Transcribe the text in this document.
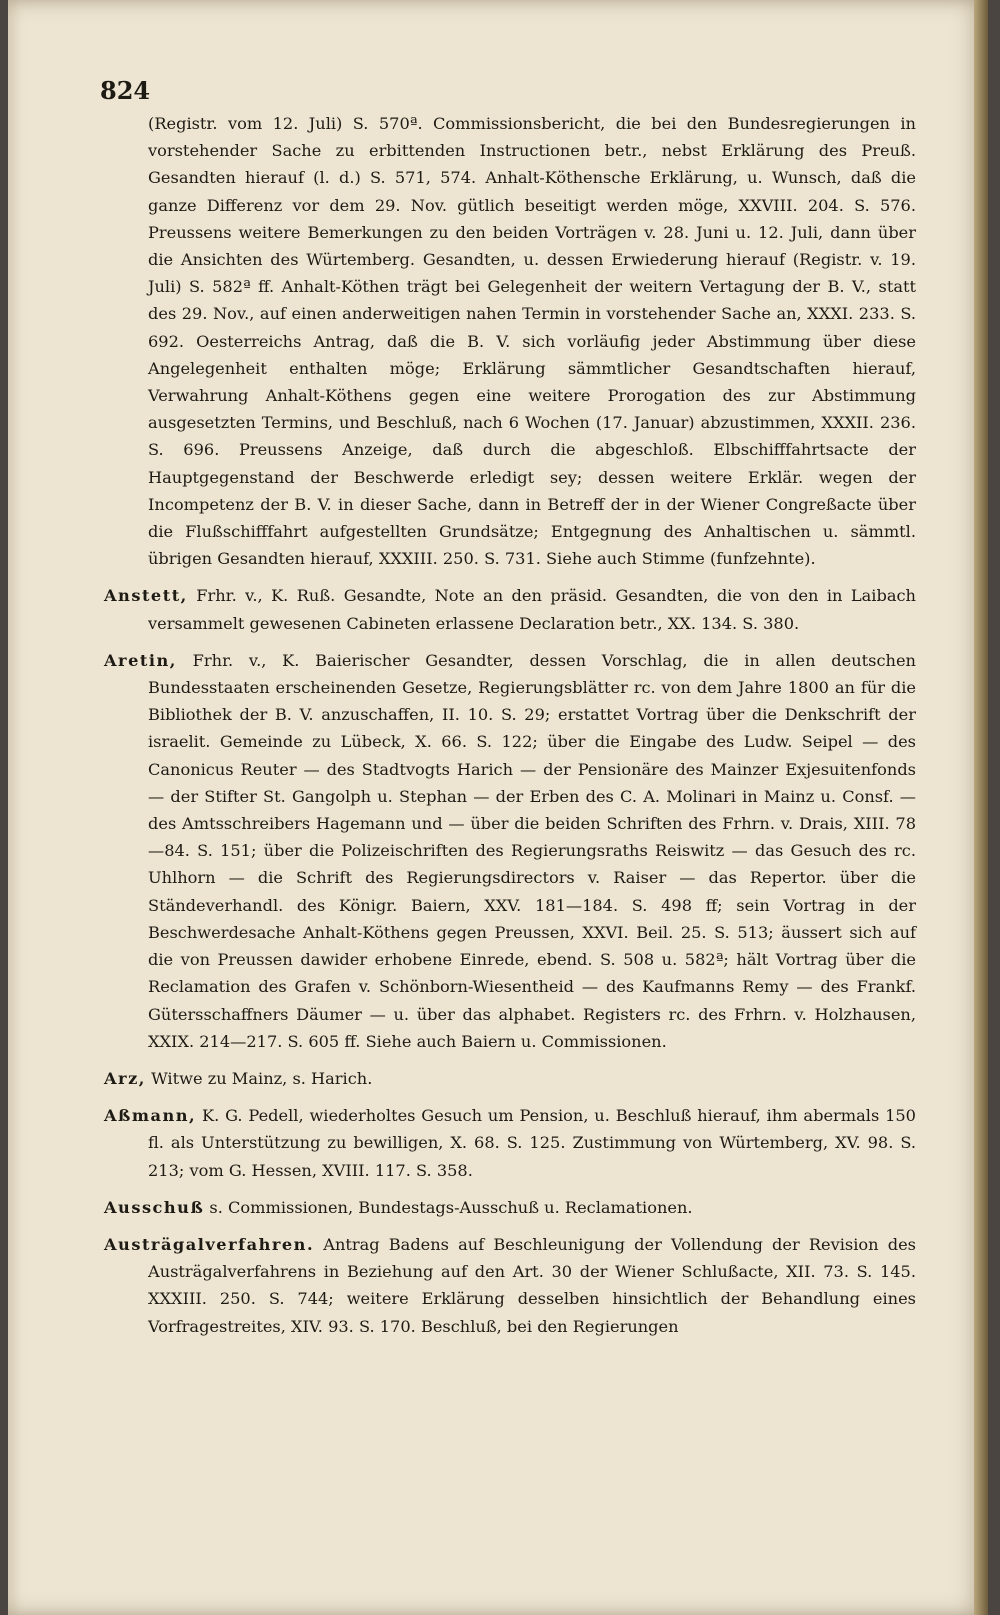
824

(Registr. vom 12. Juli) S. 570ª. Commissionsbericht, die bei den Bundesregierungen in vorstehender Sache zu erbittenden Instructionen betr., nebst Erklärung des Preuß. Gesandten hierauf (l. d.) S. 571, 574. Anhalt-Köthensche Erklärung, u. Wunsch, daß die ganze Differenz vor dem 29. Nov. gütlich beseitigt werden möge, XXVIII. 204. S. 576. Preussens weitere Bemerkungen zu den beiden Vorträgen v. 28. Juni u. 12. Juli, dann über die Ansichten des Würtemberg. Gesandten, u. dessen Erwiederung hierauf (Registr. v. 19. Juli) S. 582ª ff. Anhalt-Köthen trägt bei Gelegenheit der weitern Vertagung der B. V., statt des 29. Nov., auf einen anderweitigen nahen Termin in vorstehender Sache an, XXXI. 233. S. 692. Oesterreichs Antrag, daß die B. V. sich vorläufig jeder Abstimmung über diese Angelegenheit enthalten möge; Erklärung sämmtlicher Gesandtschaften hierauf, Verwahrung Anhalt-Köthens gegen eine weitere Prorogation des zur Abstimmung ausgesetzten Termins, und Beschluß, nach 6 Wochen (17. Januar) abzustimmen, XXXII. 236. S. 696. Preussens Anzeige, daß durch die abgeschloß. Elbschifffahrtsacte der Hauptgegenstand der Beschwerde erledigt sey; dessen weitere Erklär. wegen der Incompetenz der B. V. in dieser Sache, dann in Betreff der in der Wiener Congreßacte über die Flußschifffahrt aufgestellten Grundsätze; Entgegnung des Anhaltischen u. sämmtl. übrigen Gesandten hierauf, XXXIII. 250. S. 731. Siehe auch Stimme (funfzehnte).

Anstett, Frhr. v., K. Ruß. Gesandte, Note an den präsid. Gesandten, die von den in Laibach versammelt gewesenen Cabineten erlassene Declaration betr., XX. 134. S. 380.

Aretin, Frhr. v., K. Baierischer Gesandter, dessen Vorschlag, die in allen deutschen Bundesstaaten erscheinenden Gesetze, Regierungsblätter rc. von dem Jahre 1800 an für die Bibliothek der B. V. anzuschaffen, II. 10. S. 29; erstattet Vortrag über die Denkschrift der israelit. Gemeinde zu Lübeck, X. 66. S. 122; über die Eingabe des Ludw. Seipel — des Canonicus Reuter — des Stadtvogts Harich — der Pensionäre des Mainzer Exjesuitenfonds — der Stifter St. Gangolph u. Stephan — der Erben des C. A. Molinari in Mainz u. Consf. — des Amtsschreibers Hagemann und — über die beiden Schriften des Frhrn. v. Drais, XIII. 78—84. S. 151; über die Polizeischriften des Regierungsraths Reiswitz — das Gesuch des rc. Uhlhorn — die Schrift des Regierungsdirectors v. Raiser — das Repertor. über die Ständeverhandl. des Königr. Baiern, XXV. 181—184. S. 498 ff; sein Vortrag in der Beschwerdesache Anhalt-Köthens gegen Preussen, XXVI. Beil. 25. S. 513; äussert sich auf die von Preussen dawider erhobene Einrede, ebend. S. 508 u. 582ª; hält Vortrag über die Reclamation des Grafen v. Schönborn-Wiesentheid — des Kaufmanns Remy — des Frankf. Gütersschaffners Däumer — u. über das alphabet. Registers rc. des Frhrn. v. Holzhausen, XXIX. 214—217. S. 605 ff. Siehe auch Baiern u. Commissionen.

Arz, Witwe zu Mainz, s. Harich.

Aßmann, K. G. Pedell, wiederholtes Gesuch um Pension, u. Beschluß hierauf, ihm abermals 150 fl. als Unterstützung zu bewilligen, X. 68. S. 125. Zustimmung von Würtemberg, XV. 98. S. 213; vom G. Hessen, XVIII. 117. S. 358.

Ausschuß s. Commissionen, Bundestags-Ausschuß u. Reclamationen.

Austrägalverfahren. Antrag Badens auf Beschleunigung der Vollendung der Revision des Austrägalverfahrens in Beziehung auf den Art. 30 der Wiener Schlußacte, XII. 73. S. 145. XXXIII. 250. S. 744; weitere Erklärung desselben hinsichtlich der Behandlung eines Vorfragestreites, XIV. 93. S. 170. Beschluß, bei den Regierungen
